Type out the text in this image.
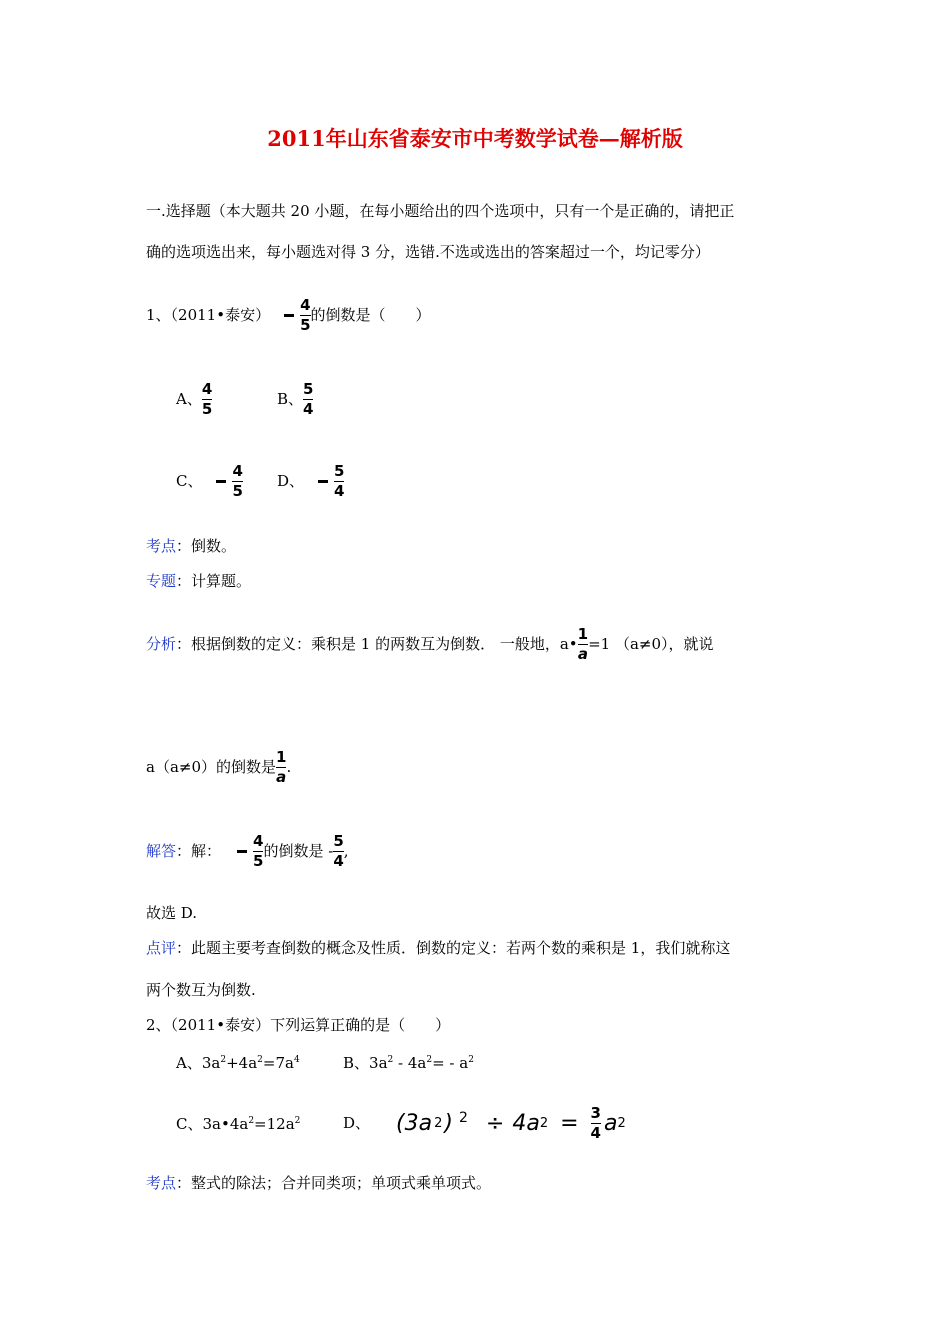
2011年山东省泰安市中考数学试卷—解析版
一.选择题（本大题共 20 小题，在每小题给出的四个选项中，只有一个是正确的，请把正
确的选项选出来，每小题选对得 3 分，选错.不选或选出的答案超过一个，均记零分）
1、（2011•泰安） $\frac{4}{5}$ 的倒数是（　　）
A、 $\frac{4}{5}$	B、 $\frac{5}{4}$
C、 $\frac{4}{5}$ D、 $\frac{5}{4}$
考点：倒数。
专题：计算题。
分析 ：根据倒数的定义：乘积是 1 的两数互为倒数． 一般地，a• $\frac{1}{a} =1$ （a≠0），就说
a（a≠0）的倒数是 $\frac{1}{a}$ .
解答 ：解： $\frac{4}{5}$ 的倒数是 - $\frac{5}{4}$ ,
故选 D.
点评：此题主要考查倒数的概念及性质．倒数的定义：若两个数的乘积是 1，我们就称这
两个数互为倒数.
2、（2011•泰安）下列运算正确的是（　　）
A、$3a^2+4a^2=7a^4$	B、$3a^2 - 4a^2= - a^2$
C、$3a•4a^2=12a^2$	D、 (3a 2 ) $^2$ ÷ 4a $2 = \frac{3}{4}$ a 2
考点：整式的除法；合并同类项；单项式乘单项式。
